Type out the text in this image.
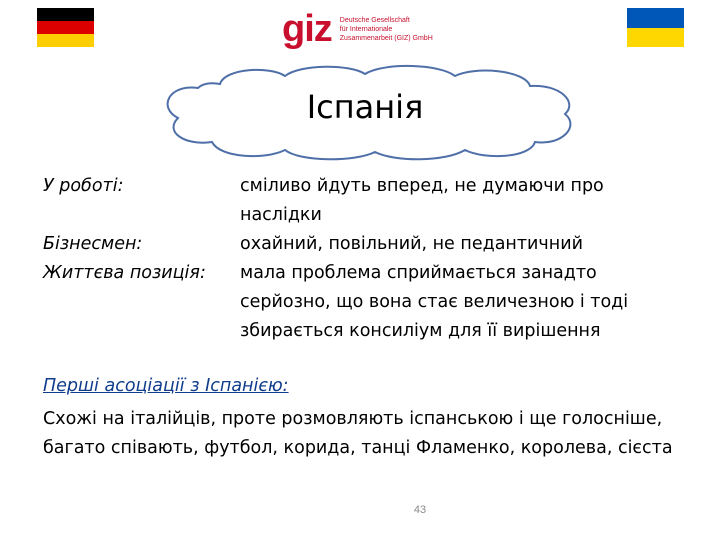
giz Deutsche Gesellschaft
für Internationale
Zusammenarbeit (GIZ) GmbH
Іспанія
У роботі:	сміливо йдуть вперед, не думаючи про наслідки
Бізнесмен:	охайний, повільний, не педантичний
Життєва позиція: мала проблема сприймається занадто серйозно, що вона стає величезною і тоді збирається консиліум для її вирішення
Перші асоціації з Іспанією:
Схожі на італійців, проте розмовляють іспанською і ще голосніше, багато співають, футбол, корида, танці Фламенко, королева, сієста
43
